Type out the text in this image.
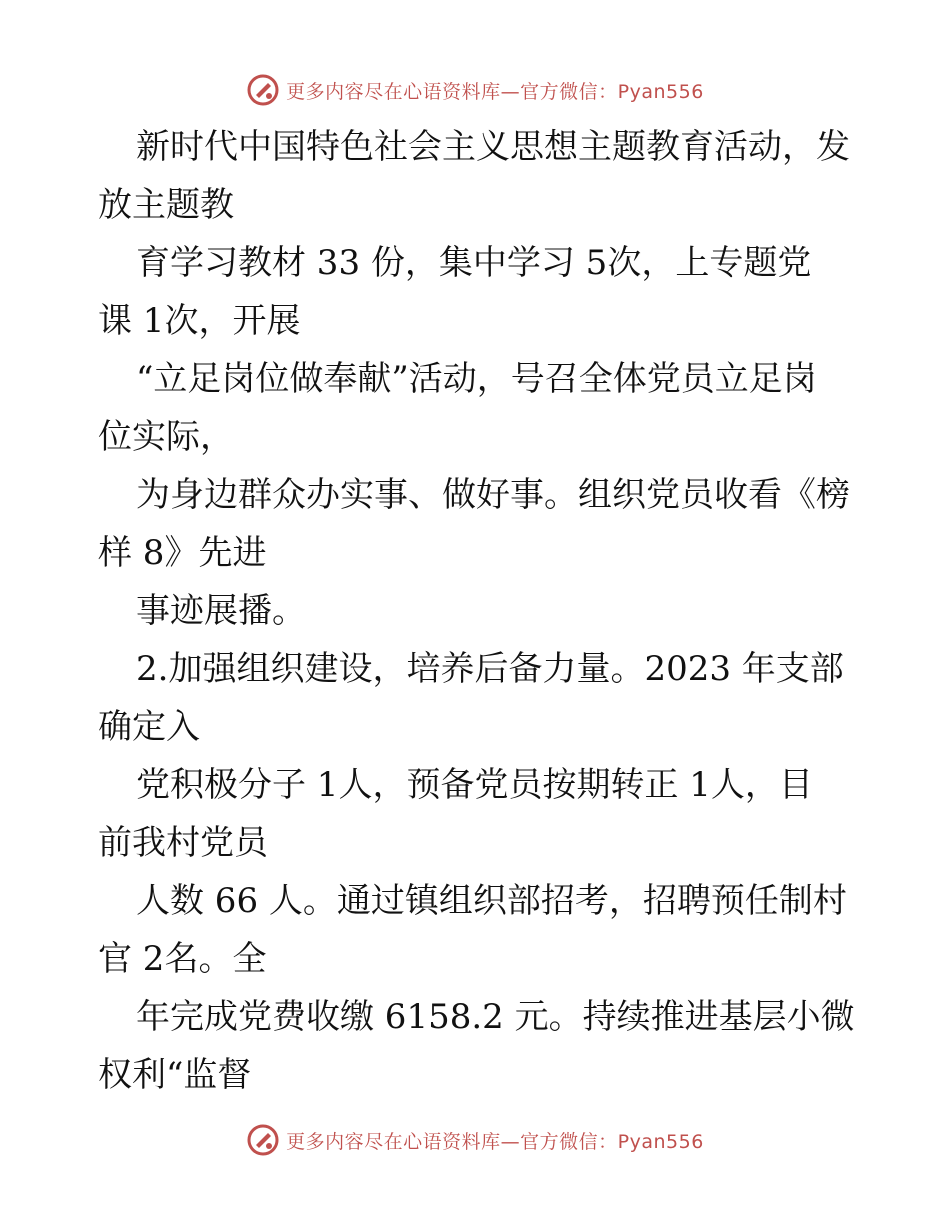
更多内容尽在心语资料库—官方微信：Pyan556
新时代中国特色社会主义思想主题教育活动，发
放主题教
育学习教材 33 份，集中学习 5次，上专题党
课 1次，开展
“立足岗位做奉献”活动，号召全体党员立足岗
位实际，
为身边群众办实事、做好事。组织党员收看《榜
样 8》先进
事迹展播。
2.加强组织建设，培养后备力量。2023 年支部
确定入
党积极分子 1人，预备党员按期转正 1人，目
前我村党员
人数 66 人。通过镇组织部招考，招聘预任制村
官 2名。全
年完成党费收缴 6158.2 元。持续推进基层小微
权利“监督
更多内容尽在心语资料库—官方微信：Pyan556
